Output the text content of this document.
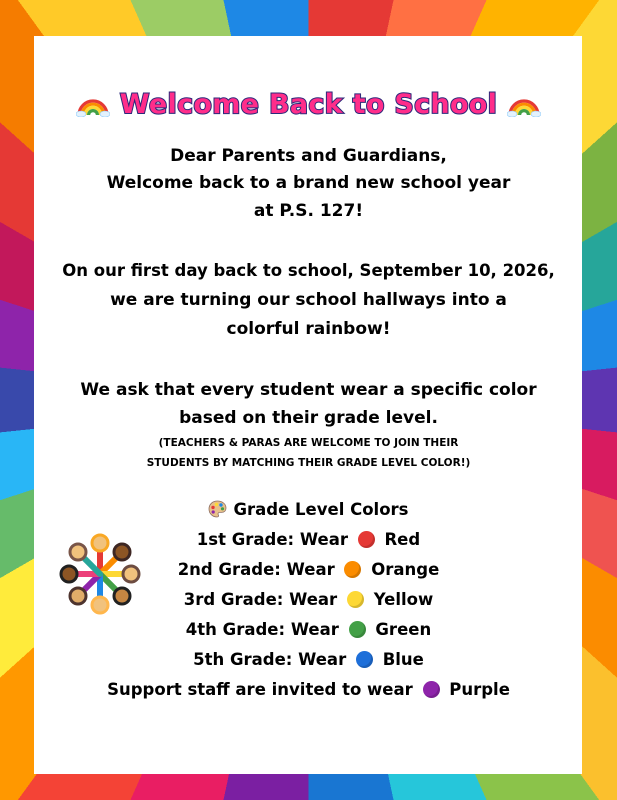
Welcome Back to School
Dear Parents and Guardians,
Welcome back to a brand new school year
at P.S. 127!
On our first day back to school, September 10, 2026,
we are turning our school hallways into a
colorful rainbow!
We ask that every student wear a specific color
based on their grade level.
(TEACHERS & PARAS ARE WELCOME TO JOIN THEIR
STUDENTS BY MATCHING THEIR GRADE LEVEL COLOR!)
Grade Level Colors
1st Grade: Wear Red
2nd Grade: Wear Orange
3rd Grade: Wear Yellow
4th Grade: Wear Green
5th Grade: Wear Blue
Support staff are invited to wear  Purple
